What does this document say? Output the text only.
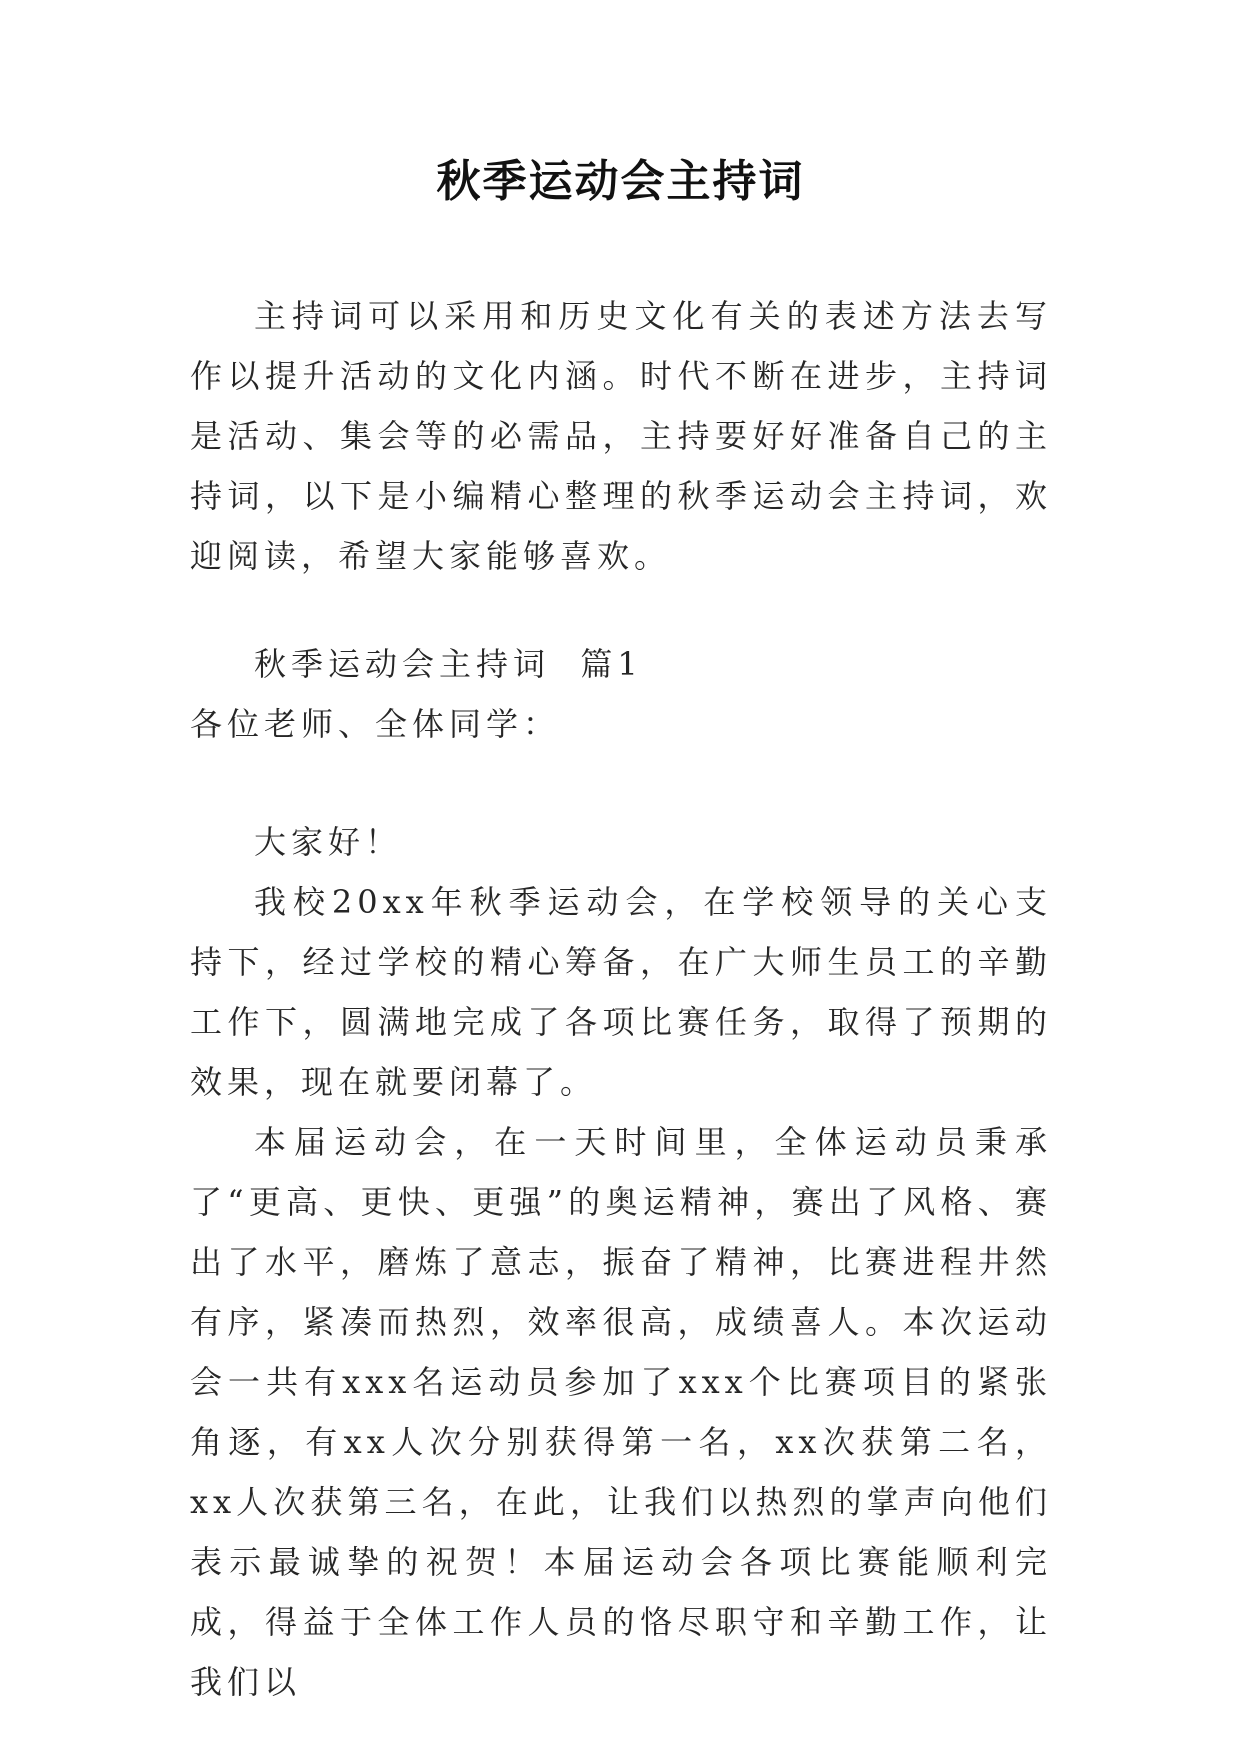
秋季运动会主持词

主持词可以采用和历史文化有关的表述方法去写作以提升活动的文化内涵。时代不断在进步，主持词是活动、集会等的必需品，主持要好好准备自己的主持词，以下是小编精心整理的秋季运动会主持词，欢迎阅读，希望大家能够喜欢。

秋季运动会主持词  篇1

各位老师、全体同学：

大家好！

我校20xx年秋季运动会，在学校领导的关心支持下，经过学校的精心筹备，在广大师生员工的辛勤工作下，圆满地完成了各项比赛任务，取得了预期的效果，现在就要闭幕了。

本届运动会，在一天时间里，全体运动员秉承了“更高、更快、更强”的奥运精神，赛出了风格、赛出了水平，磨炼了意志，振奋了精神，比赛进程井然有序，紧凑而热烈，效率很高，成绩喜人。本次运动会一共有xxx名运动员参加了xxx个比赛项目的紧张角逐，有xx人次分别获得第一名，xx次获第二名，xx人次获第三名，在此，让我们以热烈的掌声向他们表示最诚挚的祝贺！本届运动会各项比赛能顺利完成，得益于全体工作人员的恪尽职守和辛勤工作，让我们以
